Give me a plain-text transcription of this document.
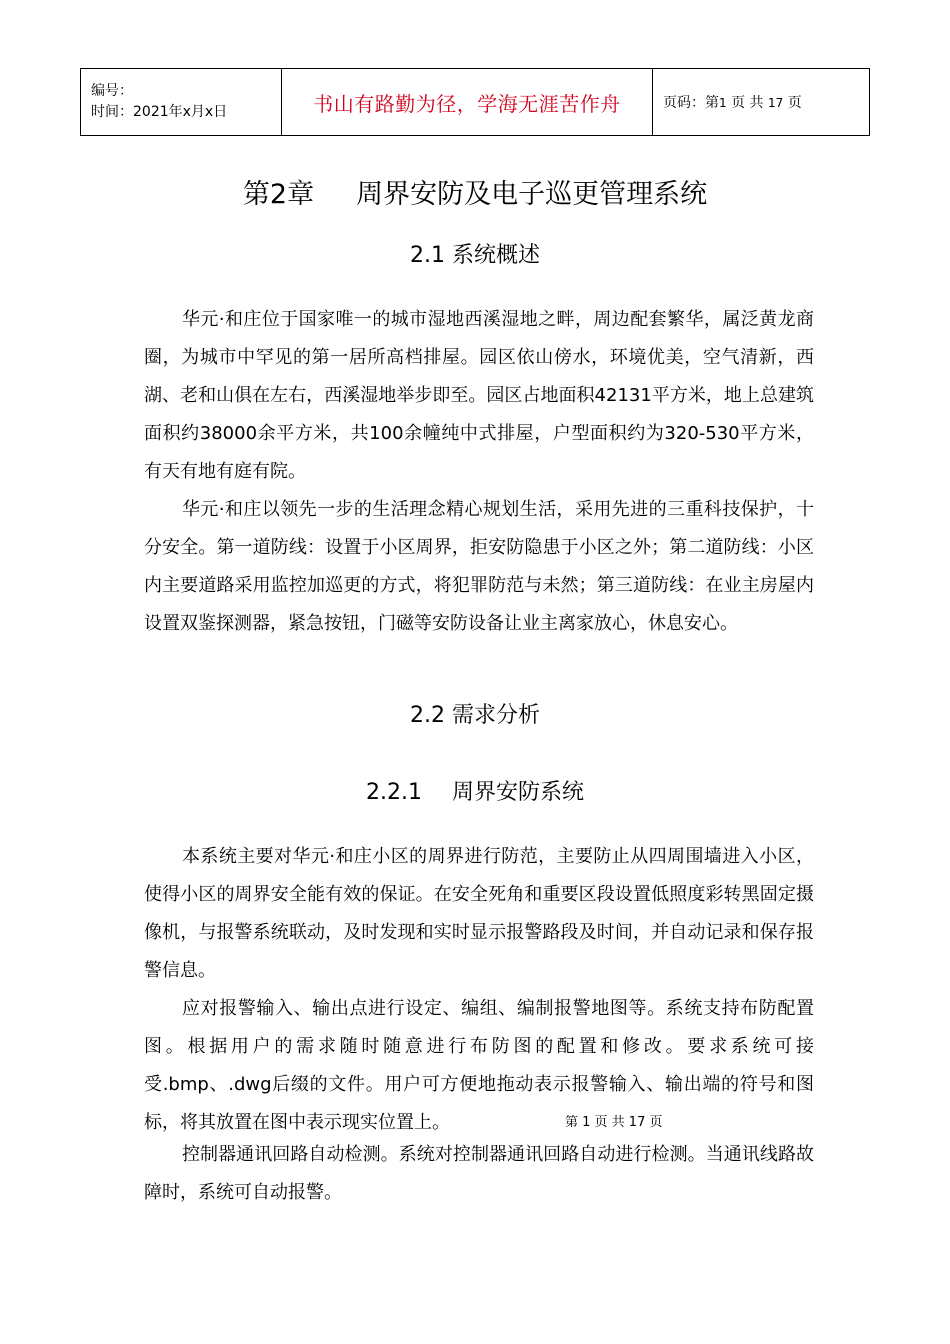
编号：
时间：2021年x月x日	书山有路勤为径，学海无涯苦作舟	页码：第1 页 共 17 页
第2章 周界安防及电子巡更管理系统
2.1 系统概述

华元·和庄位于国家唯一的城市湿地西溪湿地之畔，周边配套繁华，属泛黄龙商圈，为城市中罕见的第一居所高档排屋。园区依山傍水，环境优美，空气清新，西湖、老和山俱在左右，西溪湿地举步即至。园区占地面积42131平方米，地上总建筑面积约38000余平方米，共100余幢纯中式排屋，户型面积约为320-530平方米，有天有地有庭有院。

华元·和庄以领先一步的生活理念精心规划生活，采用先进的三重科技保护，十分安全。第一道防线：设置于小区周界，拒安防隐患于小区之外；第二道防线：小区内主要道路采用监控加巡更的方式，将犯罪防范与未然；第三道防线：在业主房屋内设置双鉴探测器，紧急按钮，门磁等安防设备让业主离家放心，休息安心。

2.2 需求分析
2.2.1 周界安防系统

本系统主要对华元·和庄小区的周界进行防范，主要防止从四周围墙进入小区，使得小区的周界安全能有效的保证。在安全死角和重要区段设置低照度彩转黑固定摄像机，与报警系统联动，及时发现和实时显示报警路段及时间，并自动记录和保存报警信息。

应对报警输入、输出点进行设定、编组、编制报警地图等。系统支持布防配置图。根据用户的需求随时随意进行布防图的配置和修改。要求系统可接受.bmp、.dwg后缀的文件。用户可方便地拖动表示报警输入、输出端的符号和图标，将其放置在图中表示现实位置上。

控制器通讯回路自动检测。系统对控制器通讯回路自动进行检测。当通讯线路故障时，系统可自动报警。

第 1 页 共 17 页
